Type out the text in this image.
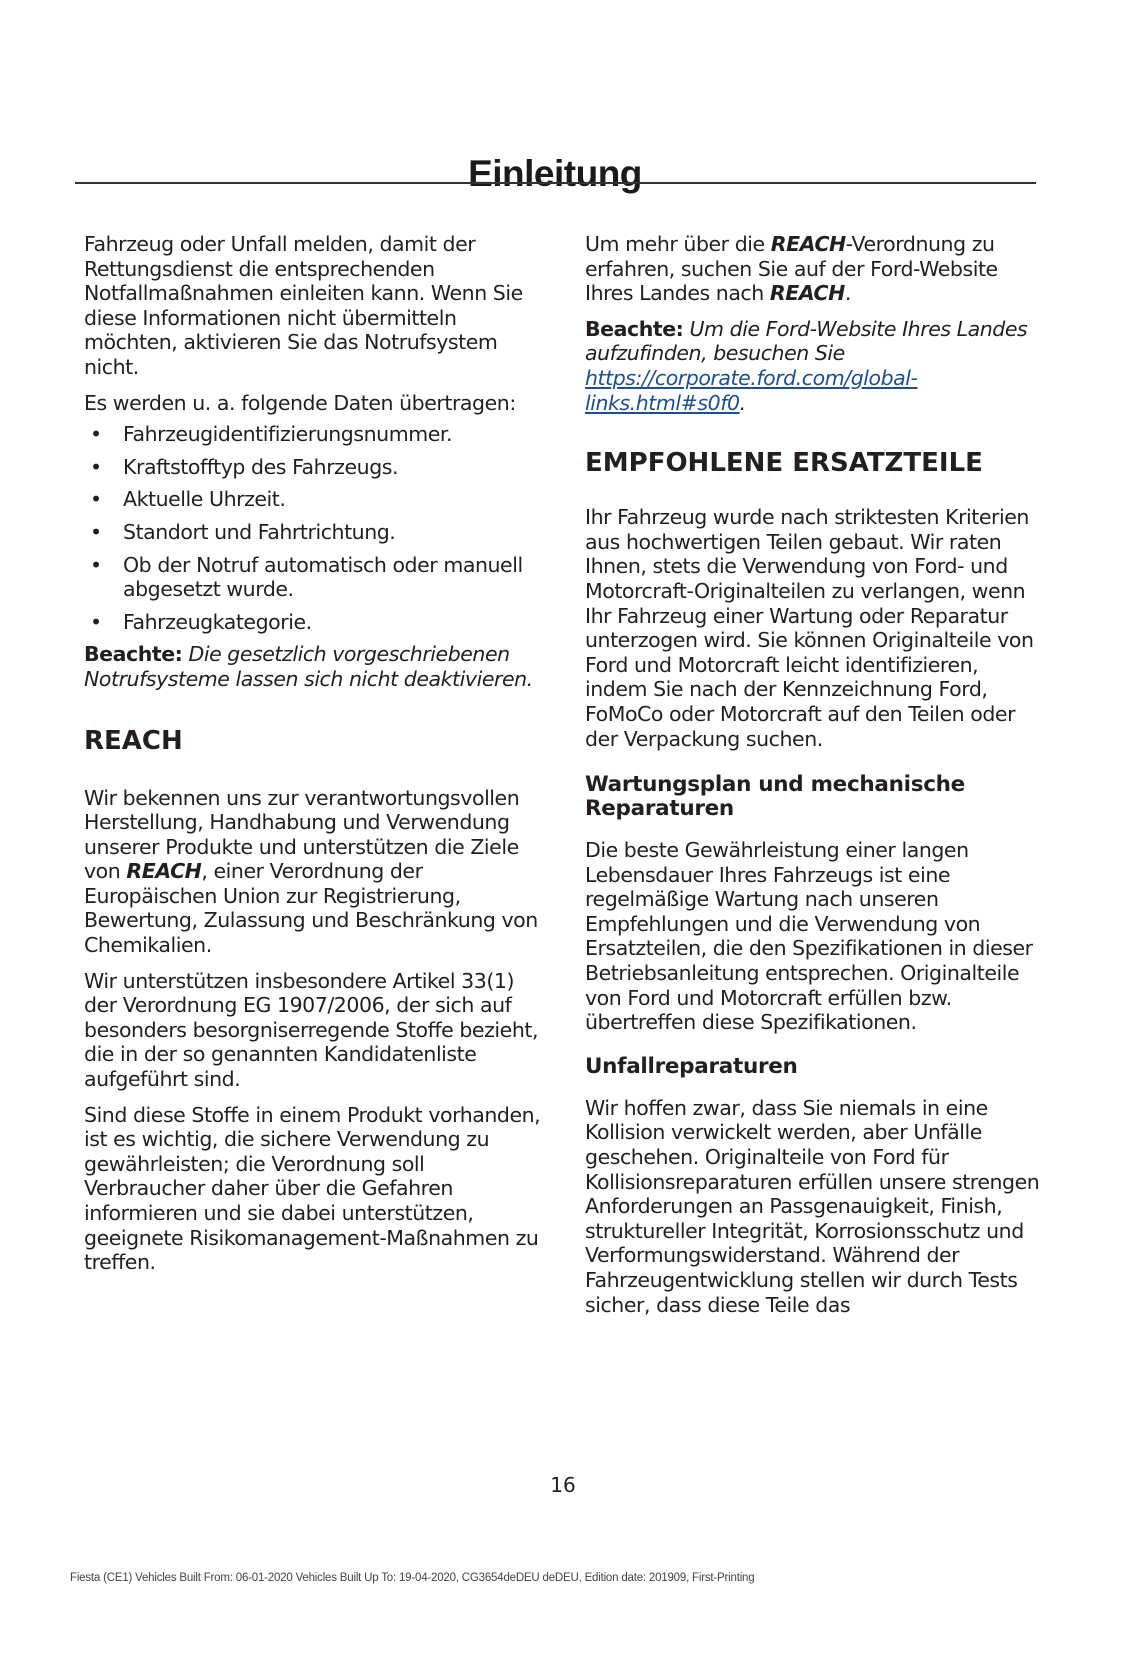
Einleitung

Fahrzeug oder Unfall melden, damit der Rettungsdienst die entsprechenden Notfallmaßnahmen einleiten kann. Wenn Sie diese Informationen nicht übermitteln möchten, aktivieren Sie das Notrufsystem nicht.

Es werden u. a. folgende Daten übertragen:

• Fahrzeugidentifizierungsnummer.
• Kraftstofftyp des Fahrzeugs.
• Aktuelle Uhrzeit.
• Standort und Fahrtrichtung.
• Ob der Notruf automatisch oder manuell abgesetzt wurde.
• Fahrzeugkategorie.

Beachte: Die gesetzlich vorgeschriebenen Notrufsysteme lassen sich nicht deaktivieren.

REACH

Wir bekennen uns zur verantwortungsvollen Herstellung, Handhabung und Verwendung unserer Produkte und unterstützen die Ziele von REACH, einer Verordnung der Europäischen Union zur Registrierung, Bewertung, Zulassung und Beschränkung von Chemikalien.

Wir unterstützen insbesondere Artikel 33(1) der Verordnung EG 1907/2006, der sich auf besonders besorgniserregende Stoffe bezieht, die in der so genannten Kandidatenliste aufgeführt sind.

Sind diese Stoffe in einem Produkt vorhanden, ist es wichtig, die sichere Verwendung zu gewährleisten; die Verordnung soll Verbraucher daher über die Gefahren informieren und sie dabei unterstützen, geeignete Risikomanagement-Maßnahmen zu treffen.

Um mehr über die REACH-Verordnung zu erfahren, suchen Sie auf der Ford-Website Ihres Landes nach REACH.

Beachte: Um die Ford-Website Ihres Landes aufzufinden, besuchen Sie https://corporate.ford.com/global-links.html#s0f0.

EMPFOHLENE ERSATZTEILE

Ihr Fahrzeug wurde nach striktesten Kriterien aus hochwertigen Teilen gebaut. Wir raten Ihnen, stets die Verwendung von Ford- und Motorcraft-Originalteilen zu verlangen, wenn Ihr Fahrzeug einer Wartung oder Reparatur unterzogen wird. Sie können Originalteile von Ford und Motorcraft leicht identifizieren, indem Sie nach der Kennzeichnung Ford, FoMoCo oder Motorcraft auf den Teilen oder der Verpackung suchen.

Wartungsplan und mechanische Reparaturen

Die beste Gewährleistung einer langen Lebensdauer Ihres Fahrzeugs ist eine regelmäßige Wartung nach unseren Empfehlungen und die Verwendung von Ersatzteilen, die den Spezifikationen in dieser Betriebsanleitung entsprechen. Originalteile von Ford und Motorcraft erfüllen bzw. übertreffen diese Spezifikationen.

Unfallreparaturen

Wir hoffen zwar, dass Sie niemals in eine Kollision verwickelt werden, aber Unfälle geschehen. Originalteile von Ford für Kollisionsreparaturen erfüllen unsere strengen Anforderungen an Passgenauigkeit, Finish, struktureller Integrität, Korrosionsschutz und Verformungswiderstand. Während der Fahrzeugentwicklung stellen wir durch Tests sicher, dass diese Teile das

16
Fiesta (CE1) Vehicles Built From: 06-01-2020 Vehicles Built Up To: 19-04-2020, CG3654deDEU deDEU, Edition date: 201909, First-Printing
